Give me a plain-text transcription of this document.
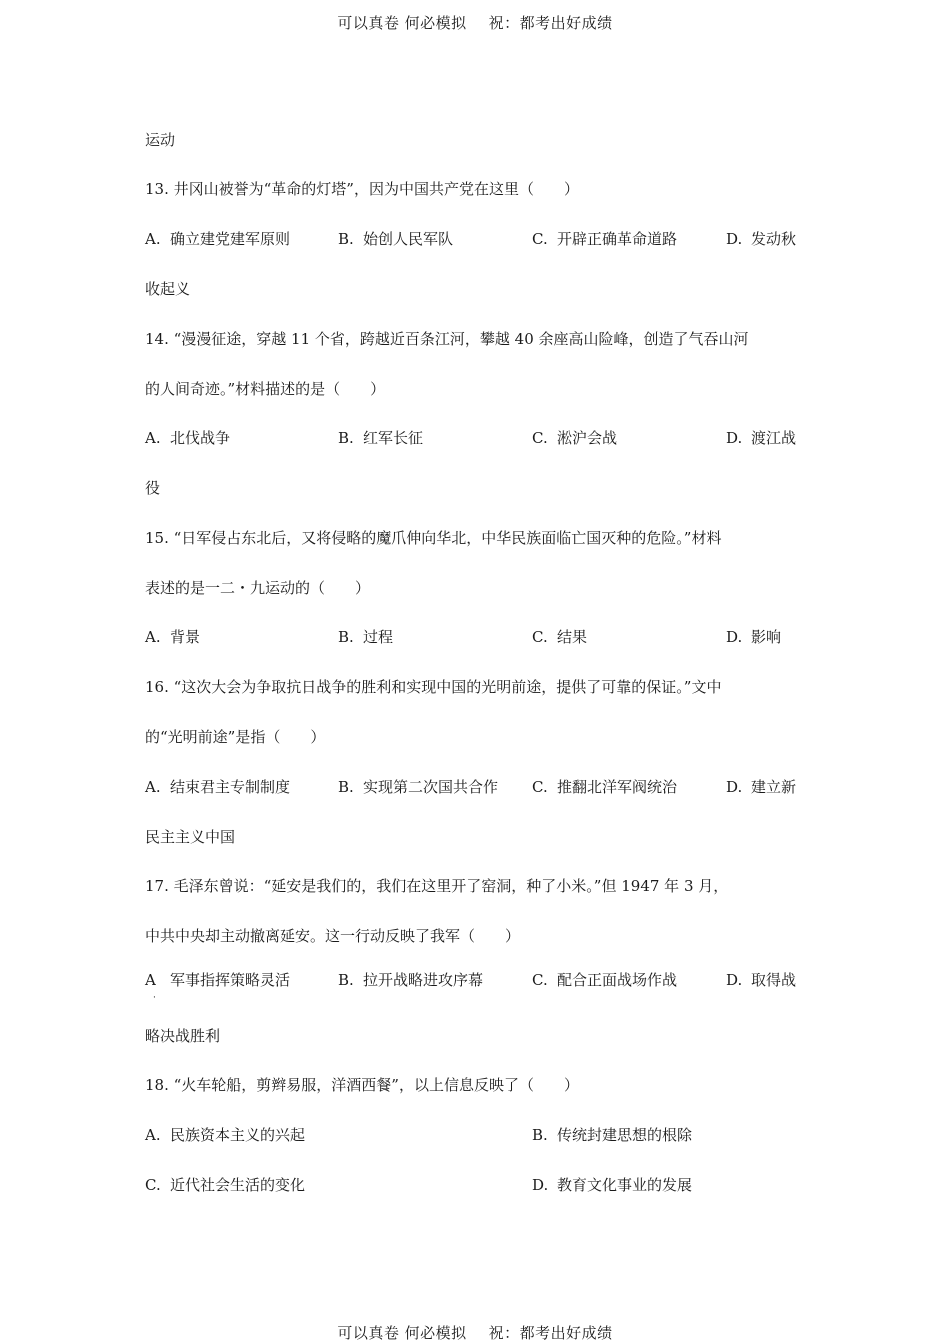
可以真卷 何必模拟 祝：都考出好成绩
运动
13. 井冈山被誉为“革命的灯塔”，因为中国共产党在这里（　　）
A. 确立建党建军原则	B. 始创人民军队	C. 开辟正确革命道路	D. 发动秋
收起义
14. “漫漫征途，穿越 11 个省，跨越近百条江河，攀越 40 余座高山险峰，创造了气吞山河
的人间奇迹。”材料描述的是（　　）
A. 北伐战争	B. 红军长征	C. 淞沪会战	D. 渡江战
役
15. “日军侵占东北后，又将侵略的魔爪伸向华北，中华民族面临亡国灭种的危险。”材料
表述的是一二・九运动的（　　）
A. 背景	B. 过程	C. 结果	D. 影响
16. “这次大会为争取抗日战争的胜利和实现中国的光明前途，提供了可靠的保证。”文中
的“光明前途”是指（　　）
A. 结束君主专制制度	B. 实现第二次国共合作 C. 推翻北洋军阀统治	D. 建立新
民主主义中国
17. 毛泽东曾说：“延安是我们的，我们在这里开了窑洞，种了小米。”但 1947 年 3 月，
中共中央却主动撤离延安。这一行动反映了我军（　　）
A 军事指挥策略灵活
·
B. 拉开战略进攻序幕	C. 配合正面战场作战	D. 取得战
略决战胜利
18. “火车轮船，剪辫易服，洋酒西餐”，以上信息反映了（　　）
A. 民族资本主义的兴起	B. 传统封建思想的根除
C. 近代社会生活的变化	D. 教育文化事业的发展
可以真卷 何必模拟 祝：都考出好成绩
